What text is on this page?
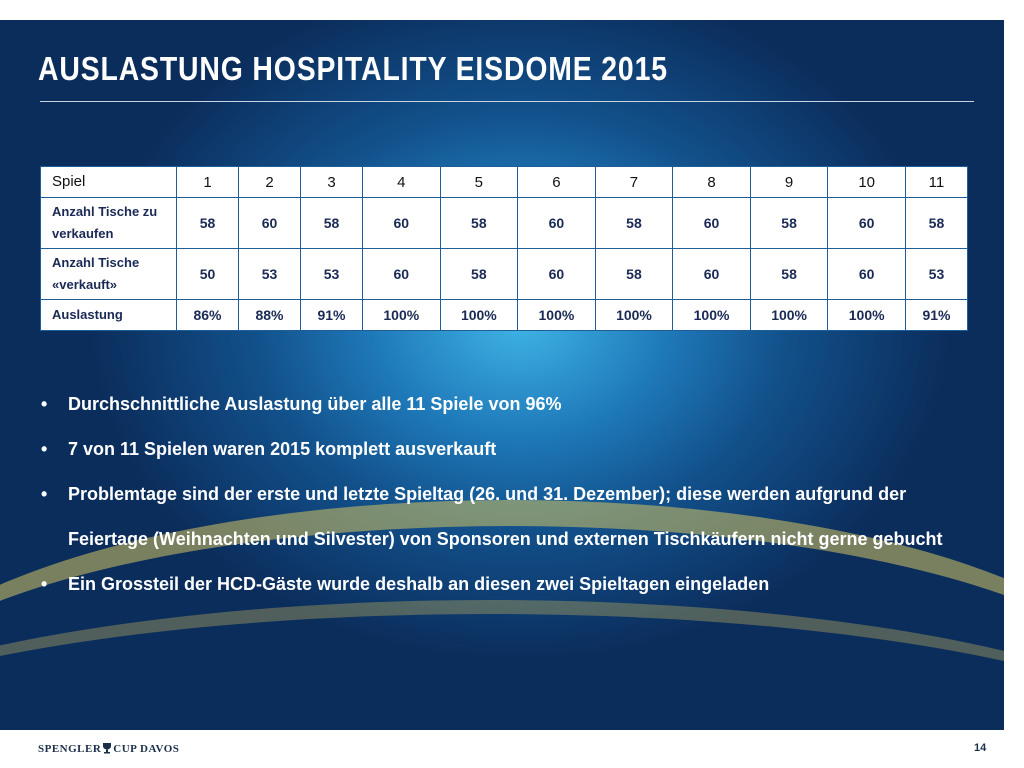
AUSLASTUNG HOSPITALITY EISDOME 2015
Spiel	1	2	3	4	5	6	7	8	9	10	11
Anzahl Tische zu verkaufen	58	60	58	60	58	60	58	60	58	60	58
Anzahl Tische «verkauft»	50	53	53	60	58	60	58	60	58	60	53
Auslastung	86%	88%	91%	100%	100%	100%	100%	100%	100%	100%	91%
• Durchschnittliche Auslastung über alle 11 Spiele von 96%
• 7 von 11 Spielen waren 2015 komplett ausverkauft
• Problemtage sind der erste und letzte Spieltag (26. und 31. Dezember); diese werden aufgrund der Feiertage (Weihnachten und Silvester) von Sponsoren und externen Tischkäufern nicht gerne gebucht
• Ein Grossteil der HCD-Gäste wurde deshalb an diesen zwei Spieltagen eingeladen
SPENGLER CUP DAVOS	14
